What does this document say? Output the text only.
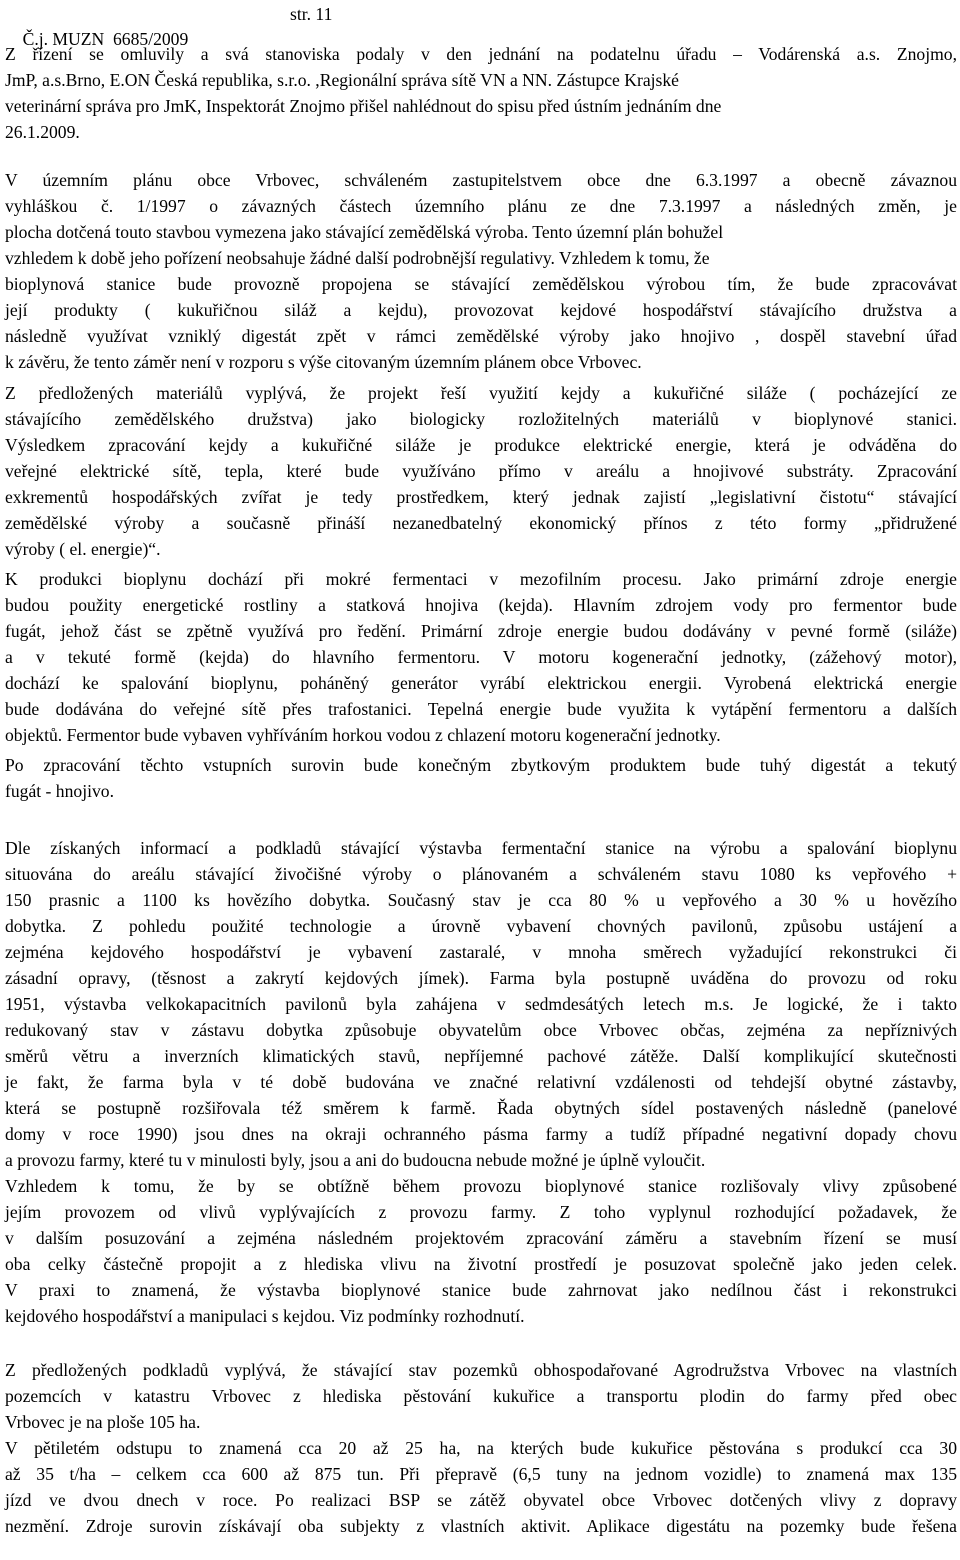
Č.j. MUZN  6685/2009

str. 11

Z řízení se omluvily a svá stanoviska podaly v den jednání na podatelnu úřadu – Vodárenská a.s. Znojmo,
JmP, a.s.Brno, E.ON Česká republika, s.r.o. ,Regionální správa sítě VN a NN. Zástupce Krajské
veterinární správa pro JmK, Inspektorát Znojmo přišel nahlédnout do spisu před ústním jednáním dne
26.1.2009.
V územním plánu obce Vrbovec, schváleném zastupitelstvem obce dne 6.3.1997 a obecně závaznou
vyhláškou č. 1/1997 o závazných částech územního plánu ze dne 7.3.1997 a následných změn, je
plocha dotčená touto stavbou vymezena jako stávající zemědělská výroba. Tento územní plán bohužel
vzhledem k době jeho pořízení neobsahuje žádné další podrobnější regulativy. Vzhledem k tomu, že
bioplynová stanice bude provozně propojena se stávající zemědělskou výrobou tím, že bude zpracovávat
její produkty ( kukuřičnou siláž a kejdu), provozovat kejdové hospodářství stávajícího družstva a
následně využívat vzniklý digestát zpět v rámci zemědělské výroby jako hnojivo , dospěl stavební úřad
k závěru, že tento záměr není v rozporu s výše citovaným územním plánem obce Vrbovec.
Z předložených materiálů vyplývá, že projekt řeší využití kejdy a kukuřičné siláže ( pocházející ze
stávajícího zemědělského družstva) jako biologicky rozložitelných materiálů v bioplynové stanici.
Výsledkem zpracování kejdy a kukuřičné siláže je produkce elektrické energie, která je odváděna do
veřejné elektrické sítě, tepla, které bude využíváno přímo v areálu a hnojivové substráty. Zpracování
exkrementů hospodářských zvířat je tedy prostředkem, který jednak zajistí „legislativní čistotu“ stávající
zemědělské výroby a současně přináší nezanedbatelný ekonomický přínos z této formy „přidružené
výroby ( el. energie)“.
K produkci bioplynu dochází při mokré fermentaci v mezofilním procesu. Jako primární zdroje energie
budou použity energetické rostliny a statková hnojiva (kejda). Hlavním zdrojem vody pro fermentor bude
fugát, jehož část se zpětně využívá pro ředění. Primární zdroje energie budou dodávány v pevné formě (siláže)
a v tekuté formě (kejda) do hlavního fermentoru. V motoru kogenerační jednotky, (zážehový motor),
dochází ke spalování bioplynu, poháněný generátor vyrábí elektrickou energii. Vyrobená elektrická energie
bude dodávána do veřejné sítě přes trafostanici. Tepelná energie bude využita k vytápění fermentoru a dalších
objektů. Fermentor bude vybaven vyhříváním horkou vodou z chlazení motoru kogenerační jednotky.
Po zpracování těchto vstupních surovin bude konečným zbytkovým produktem bude tuhý digestát a tekutý
fugát - hnojivo.
Dle získaných informací a podkladů stávající výstavba fermentační stanice na výrobu a spalování bioplynu
situována do areálu stávající živočišné výroby o plánovaném a schváleném stavu 1080 ks vepřového +
150 prasnic a 1100 ks hovězího dobytka. Současný stav je cca 80 % u vepřového a 30 % u hovězího
dobytka. Z pohledu použité technologie a úrovně vybavení chovných pavilonů, způsobu ustájení a
zejména kejdového hospodářství je vybavení zastaralé, v mnoha směrech vyžadující rekonstrukci či
zásadní opravy, (těsnost a zakrytí kejdových jímek). Farma byla postupně uváděna do provozu od roku
1951, výstavba velkokapacitních pavilonů byla zahájena v sedmdesátých letech m.s. Je logické, že i takto
redukovaný stav v zástavu dobytka způsobuje obyvatelům obce Vrbovec občas, zejména za nepříznivých
směrů větru a inverzních klimatických stavů, nepříjemné pachové zátěže. Další komplikující skutečnosti
je fakt, že farma byla v té době budována ve značné relativní vzdálenosti od tehdejší obytné zástavby,
která se postupně rozšiřovala též směrem k farmě. Řada obytných sídel postavených následně (panelové
domy v roce 1990) jsou dnes na okraji ochranného pásma farmy a tudíž případné negativní dopady chovu
a provozu farmy, které tu v minulosti byly, jsou a ani do budoucna nebude možné je úplně vyloučit.
Vzhledem k tomu, že by se obtížně během provozu bioplynové stanice rozlišovaly vlivy způsobené
jejím provozem od vlivů vyplývajících z provozu farmy. Z toho vyplynul rozhodující požadavek, že
v dalším posuzování a zejména následném projektovém zpracování záměru a stavebním řízení se musí
oba celky částečně propojit a z hlediska vlivu na životní prostředí je posuzovat společně jako jeden celek.
V praxi to znamená, že výstavba bioplynové stanice bude zahrnovat jako nedílnou část i rekonstrukci
kejdového hospodářství a manipulaci s kejdou. Viz podmínky rozhodnutí.
Z předložených podkladů vyplývá, že stávající stav pozemků obhospodařované Agrodružstva Vrbovec na vlastních
pozemcích v katastru Vrbovec z hlediska pěstování kukuřice a transportu plodin do farmy před obec
Vrbovec je na ploše 105 ha.
V pětiletém odstupu to znamená cca 20 až 25 ha, na kterých bude kukuřice pěstována s produkcí cca 30
až 35 t/ha – celkem cca 600 až 875 tun. Při přepravě (6,5 tuny na jednom vozidle) to znamená max 135
jízd ve dvou dnech v roce. Po realizaci BSP se zátěž obyvatel obce Vrbovec dotčených vlivy z dopravy
nezmění. Zdroje surovin získávají oba subjekty z vlastních aktivit. Aplikace digestátu na pozemky bude řešena
